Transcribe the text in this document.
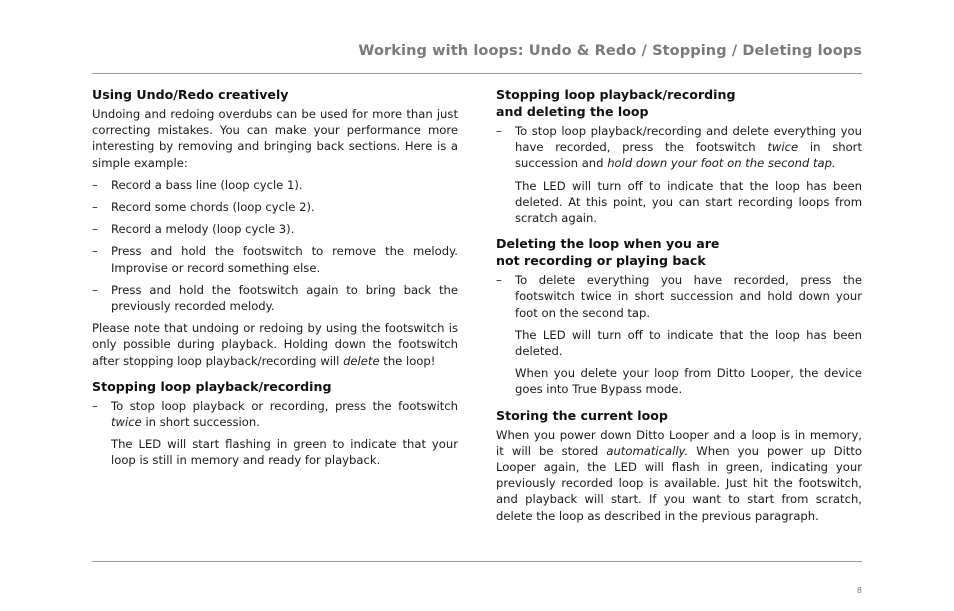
Working with loops: Undo & Redo / Stopping / Deleting loops
Using Undo/Redo creatively

Undoing and redoing overdubs can be used for more than just correcting mistakes. You can make your performance more interesting by removing and bringing back sections. Here is a simple example:

– Record a bass line (loop cycle 1).
– Record some chords (loop cycle 2).
– Record a melody (loop cycle 3).
– Press and hold the footswitch to remove the melody. Improvise or record something else.
– Press and hold the footswitch again to bring back the previously recorded melody.

Please note that undoing or redoing by using the footswitch is only possible during playback. Holding down the footswitch after stopping loop playback/recording will delete the loop!

Stopping loop playback/recording
– To stop loop playback or recording, press the footswitch twice in short succession.

The LED will start flashing in green to indicate that your loop is still in memory and ready for playback.

Stopping loop playback/recording
and deleting the loop
– To stop loop playback/recording and delete everything you have recorded, press the footswitch twice in short succession and hold down your foot on the second tap.

The LED will turn off to indicate that the loop has been deleted. At this point, you can start recording loops from scratch again.

Deleting the loop when you are
not recording or playing back
– To delete everything you have recorded, press the footswitch twice in short succession and hold down your foot on the second tap.

The LED will turn off to indicate that the loop has been deleted.

When you delete your loop from Ditto Looper, the device goes into True Bypass mode.

Storing the current loop

When you power down Ditto Looper and a loop is in memory, it will be stored automatically. When you power up Ditto Looper again, the LED will flash in green, indicating your previously recorded loop is available. Just hit the footswitch, and playback will start. If you want to start from scratch, delete the loop as described in the previous paragraph.

8
